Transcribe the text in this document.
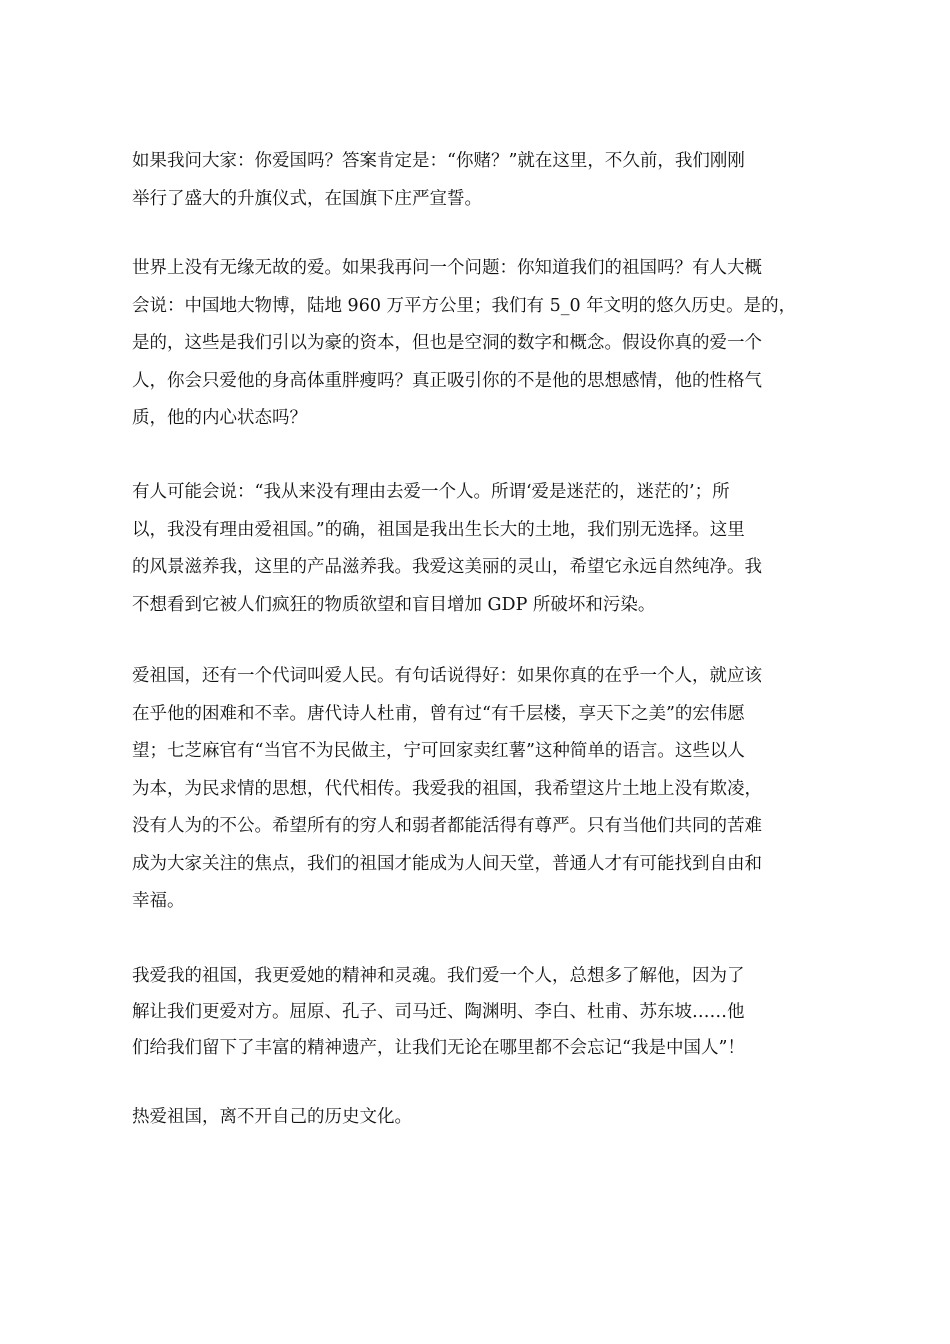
如果我问大家：你爱国吗？答案肯定是：“你赌？”就在这里，不久前，我们刚刚
举行了盛大的升旗仪式，在国旗下庄严宣誓。

世界上没有无缘无故的爱。如果我再问一个问题：你知道我们的祖国吗？有人大概
会说：中国地大物博，陆地 960 万平方公里；我们有 5_0 年文明的悠久历史。是的，
是的，这些是我们引以为豪的资本，但也是空洞的数字和概念。假设你真的爱一个
人，你会只爱他的身高体重胖瘦吗？真正吸引你的不是他的思想感情，他的性格气
质，他的内心状态吗？

有人可能会说：“我从来没有理由去爱一个人。所谓‘爱是迷茫的，迷茫的’；所
以，我没有理由爱祖国。”的确，祖国是我出生长大的土地，我们别无选择。这里
的风景滋养我，这里的产品滋养我。我爱这美丽的灵山，希望它永远自然纯净。我
不想看到它被人们疯狂的物质欲望和盲目增加 GDP 所破坏和污染。

爱祖国，还有一个代词叫爱人民。有句话说得好：如果你真的在乎一个人，就应该
在乎他的困难和不幸。唐代诗人杜甫，曾有过“有千层楼，享天下之美”的宏伟愿
望；七芝麻官有“当官不为民做主，宁可回家卖红薯”这种简单的语言。这些以人
为本，为民求情的思想，代代相传。我爱我的祖国，我希望这片土地上没有欺凌，
没有人为的不公。希望所有的穷人和弱者都能活得有尊严。只有当他们共同的苦难
成为大家关注的焦点，我们的祖国才能成为人间天堂，普通人才有可能找到自由和
幸福。

我爱我的祖国，我更爱她的精神和灵魂。我们爱一个人，总想多了解他，因为了
解让我们更爱对方。屈原、孔子、司马迁、陶渊明、李白、杜甫、苏东坡……他
们给我们留下了丰富的精神遗产，让我们无论在哪里都不会忘记“我是中国人”！

热爱祖国，离不开自己的历史文化。
